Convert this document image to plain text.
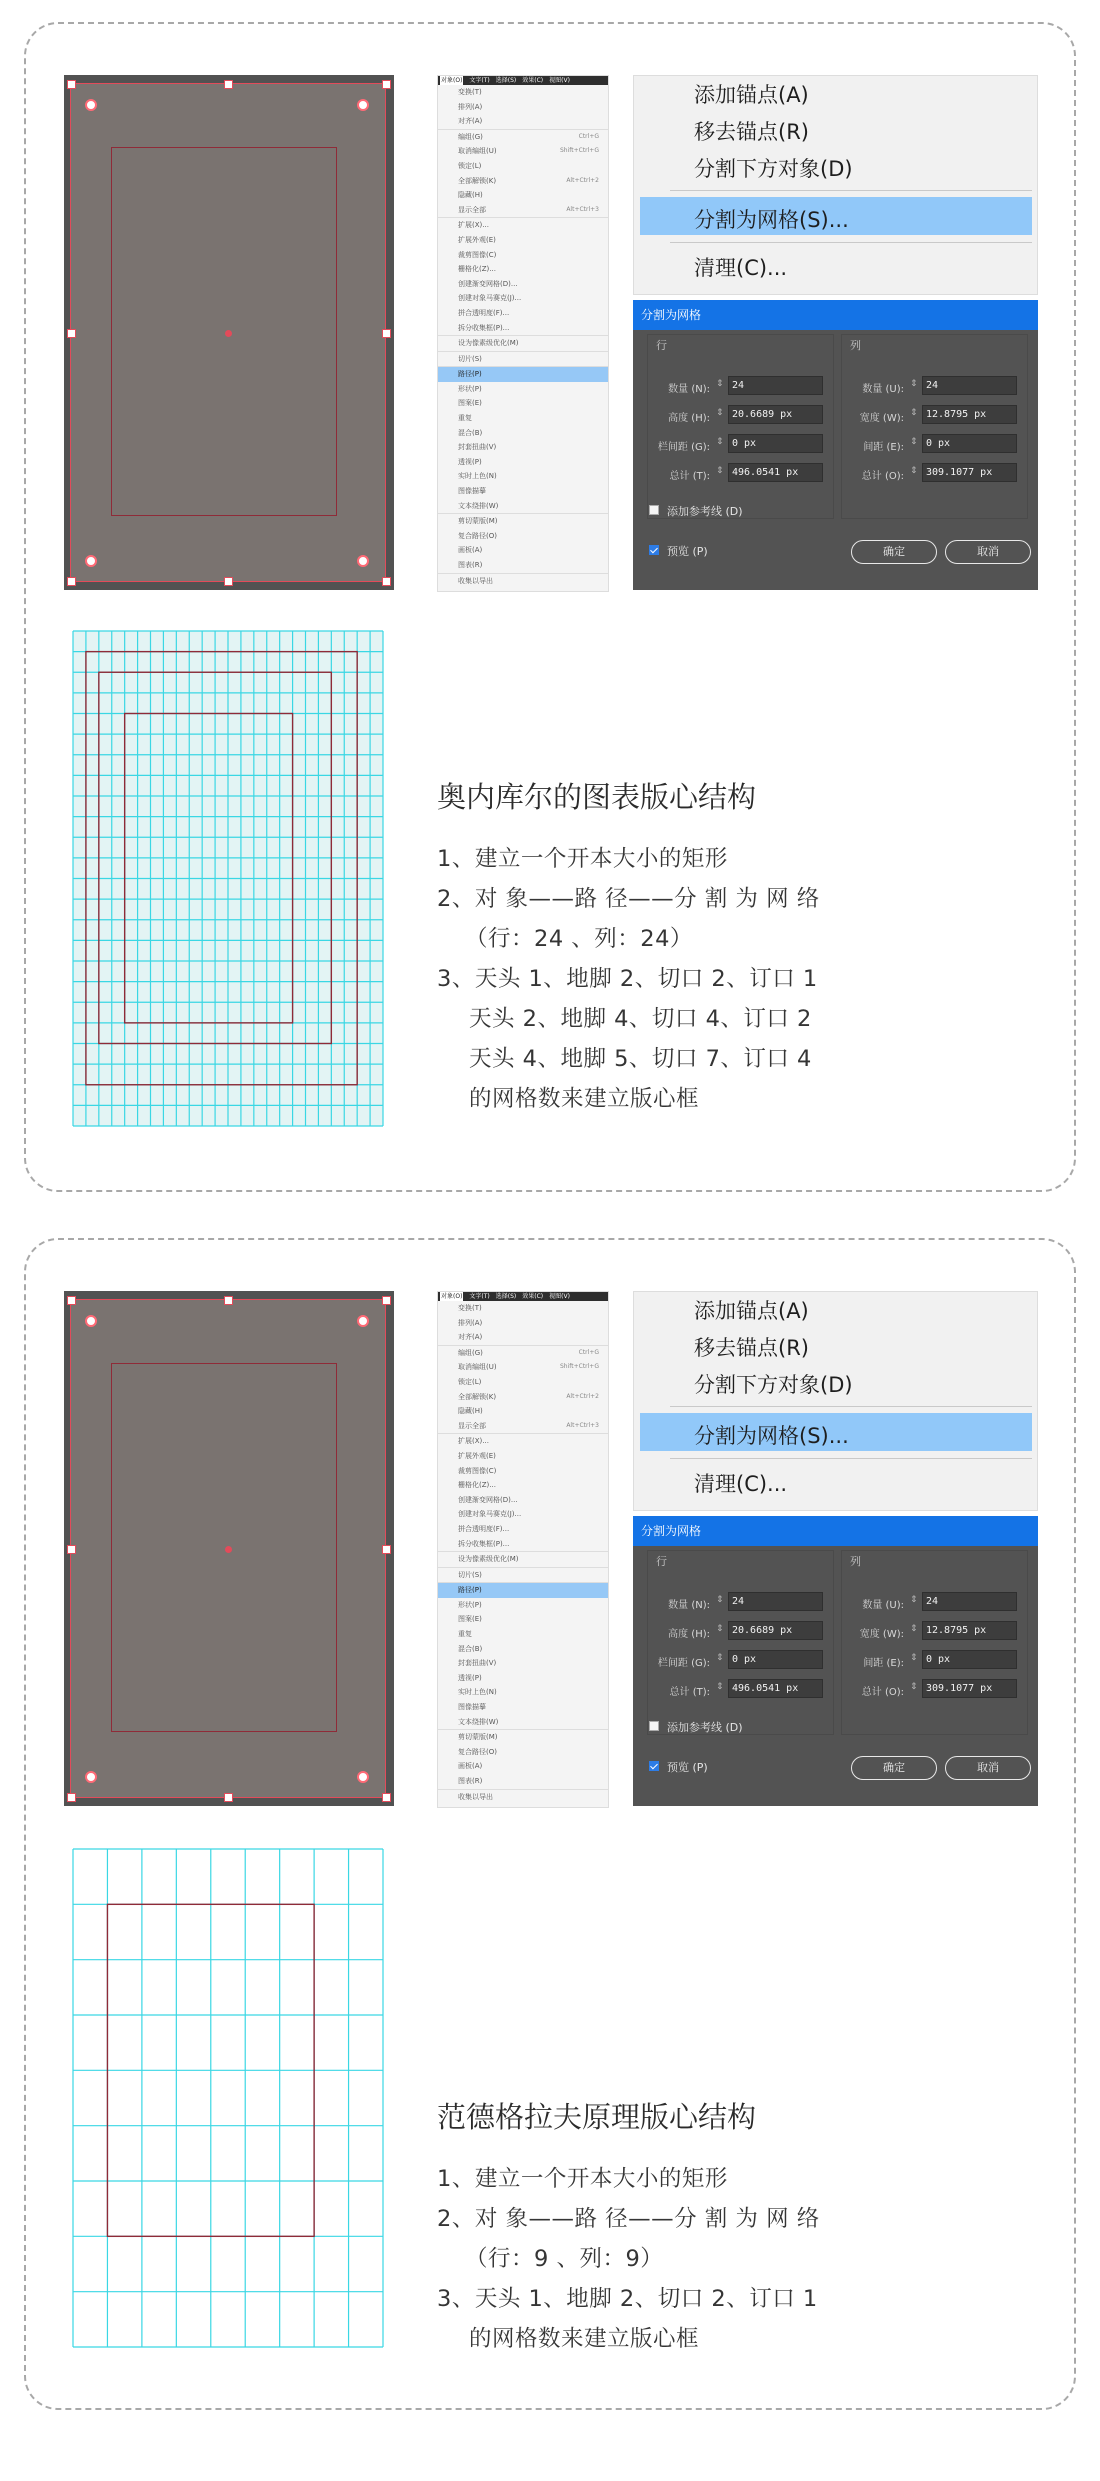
对象(O) 文字(T) 选择(S) 效果(C) 视图(V)
变换(T)
排列(A)
对齐(A)
编组(G)	Ctrl+G
取消编组(U)	Shift+Ctrl+G
锁定(L)
全部解锁(K)	Alt+Ctrl+2
隐藏(H)
显示全部	Alt+Ctrl+3
扩展(X)...
扩展外观(E)
裁剪图像(C)
栅格化(Z)...
创建渐变网格(D)...
创建对象马赛克(J)...
拼合透明度(F)...
拆分收集框(P)...
设为像素级优化(M)
切片(S)
路径(P)
形状(P)
图案(E)
重复
混合(B)
封套扭曲(V)
透视(P)
实时上色(N)
图像描摹
文本绕排(W)
剪切蒙版(M)
复合路径(O)
画板(A)
图表(R)
收集以导出
添加锚点(A)
移去锚点(R)
分割下方对象(D)
分割为网格(S)...
清理(C)...
分割为网格
行
数量 (N): ⇕ 24
高度 (H): ⇕ 20.6689 px
栏间距 (G): ⇕ 0 px
总计 (T): ⇕ 496.0541 px
列
数量 (U): ⇕ 24
宽度 (W): ⇕ 12.8795 px
间距 (E): ⇕ 0 px
总计 (O): ⇕ 309.1077 px
添加参考线 (D)
预览 (P)	确定	取消
奥内库尔的图表版心结构
1、建立一个开本大小的矩形
2、对 象——路 径——分 割 为 网 络
（行：24 、列：24）
3、天头 1、地脚 2、切口 2、订口 1
天头 2、地脚 4、切口 4、订口 2
天头 4、地脚 5、切口 7、订口 4
的网格数来建立版心框
对象(O) 文字(T) 选择(S) 效果(C) 视图(V)
变换(T)
排列(A)
对齐(A)
编组(G)	Ctrl+G
取消编组(U)	Shift+Ctrl+G
锁定(L)
全部解锁(K)	Alt+Ctrl+2
隐藏(H)
显示全部	Alt+Ctrl+3
扩展(X)...
扩展外观(E)
裁剪图像(C)
栅格化(Z)...
创建渐变网格(D)...
创建对象马赛克(J)...
拼合透明度(F)...
拆分收集框(P)...
设为像素级优化(M)
切片(S)
路径(P)
形状(P)
图案(E)
重复
混合(B)
封套扭曲(V)
透视(P)
实时上色(N)
图像描摹
文本绕排(W)
剪切蒙版(M)
复合路径(O)
画板(A)
图表(R)
收集以导出
添加锚点(A)
移去锚点(R)
分割下方对象(D)
分割为网格(S)...
清理(C)...
分割为网格
行
数量 (N): ⇕ 24
高度 (H): ⇕ 20.6689 px
栏间距 (G): ⇕ 0 px
总计 (T): ⇕ 496.0541 px
列
数量 (U): ⇕ 24
宽度 (W): ⇕ 12.8795 px
间距 (E): ⇕ 0 px
总计 (O): ⇕ 309.1077 px
添加参考线 (D)
预览 (P)	确定	取消
范德格拉夫原理版心结构
1、建立一个开本大小的矩形
2、对 象——路 径——分 割 为 网 络
（行：9 、列：9）
3、天头 1、地脚 2、切口 2、订口 1
的网格数来建立版心框
